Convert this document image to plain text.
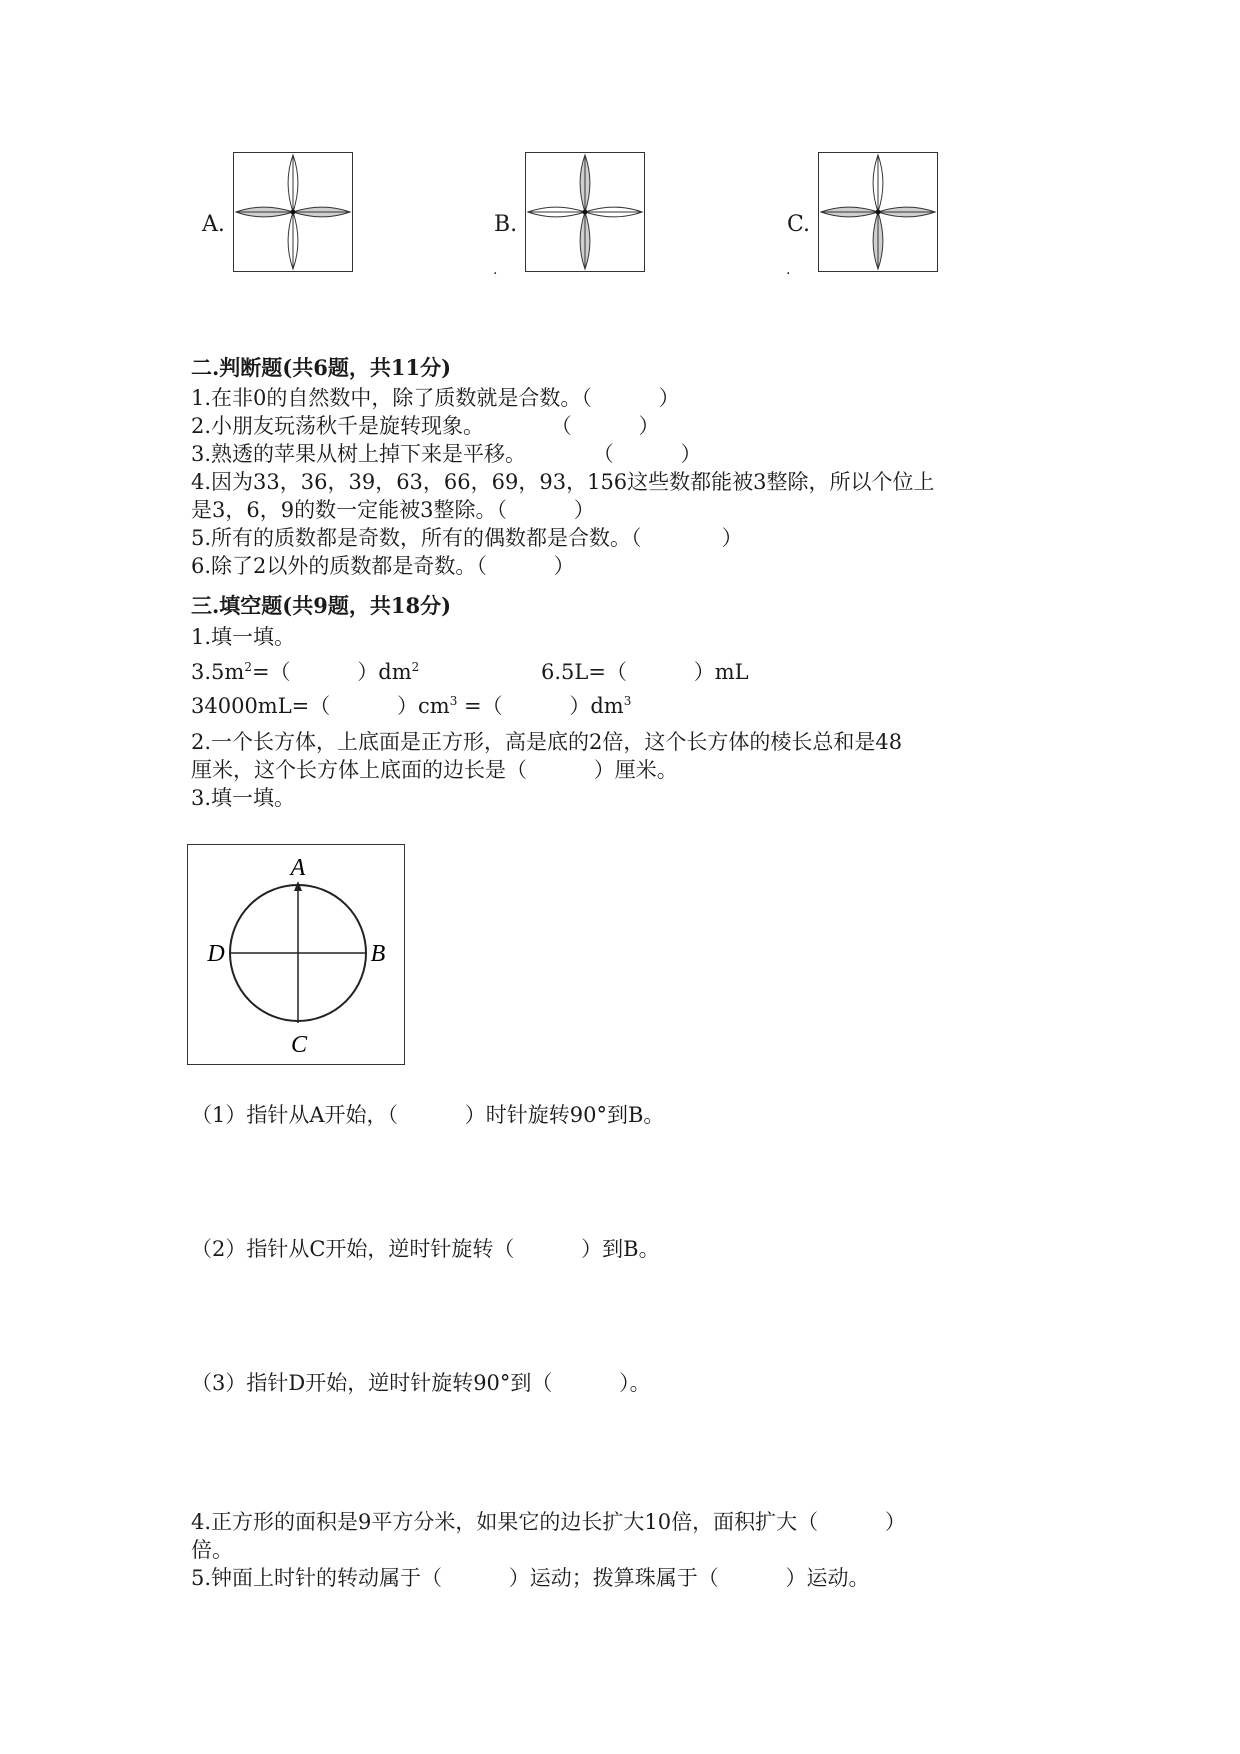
A.	B.
.
C.
.
二.判断题(共6题，共11分)
1.在非0的自然数中，除了质数就是合数。（          ）
2.小朋友玩荡秋千是旋转现象。          （          ）
3.熟透的苹果从树上掉下来是平移。          （          ）
4.因为33，36，39，63，66，69，93，156这些数都能被3整除，所以个位上
是3，6，9的数一定能被3整除。（          ）
5.所有的质数都是奇数，所有的偶数都是合数。（            ）
6.除了2以外的质数都是奇数。（          ）
三.填空题(共9题，共18分)
1.填一填。
$3.5m^2=$（          ）$dm^2$	6.5L=（          ）mL
34000mL=（          ）$cm^3$ =（          ）$dm^3$
2.一个长方体，上底面是正方形，高是底的2倍，这个长方体的棱长总和是48
厘米，这个长方体上底面的边长是（          ）厘米。
3.填一填。
A
B
C
D
（1）指针从A开始，（          ）时针旋转90°到B。
（2）指针从C开始，逆时针旋转（          ）到B。
（3）指针D开始，逆时针旋转90°到（          ）。
4.正方形的面积是9平方分米，如果它的边长扩大10倍，面积扩大（          ）
倍。
5.钟面上时针的转动属于（          ）运动；拨算珠属于（          ）运动。
